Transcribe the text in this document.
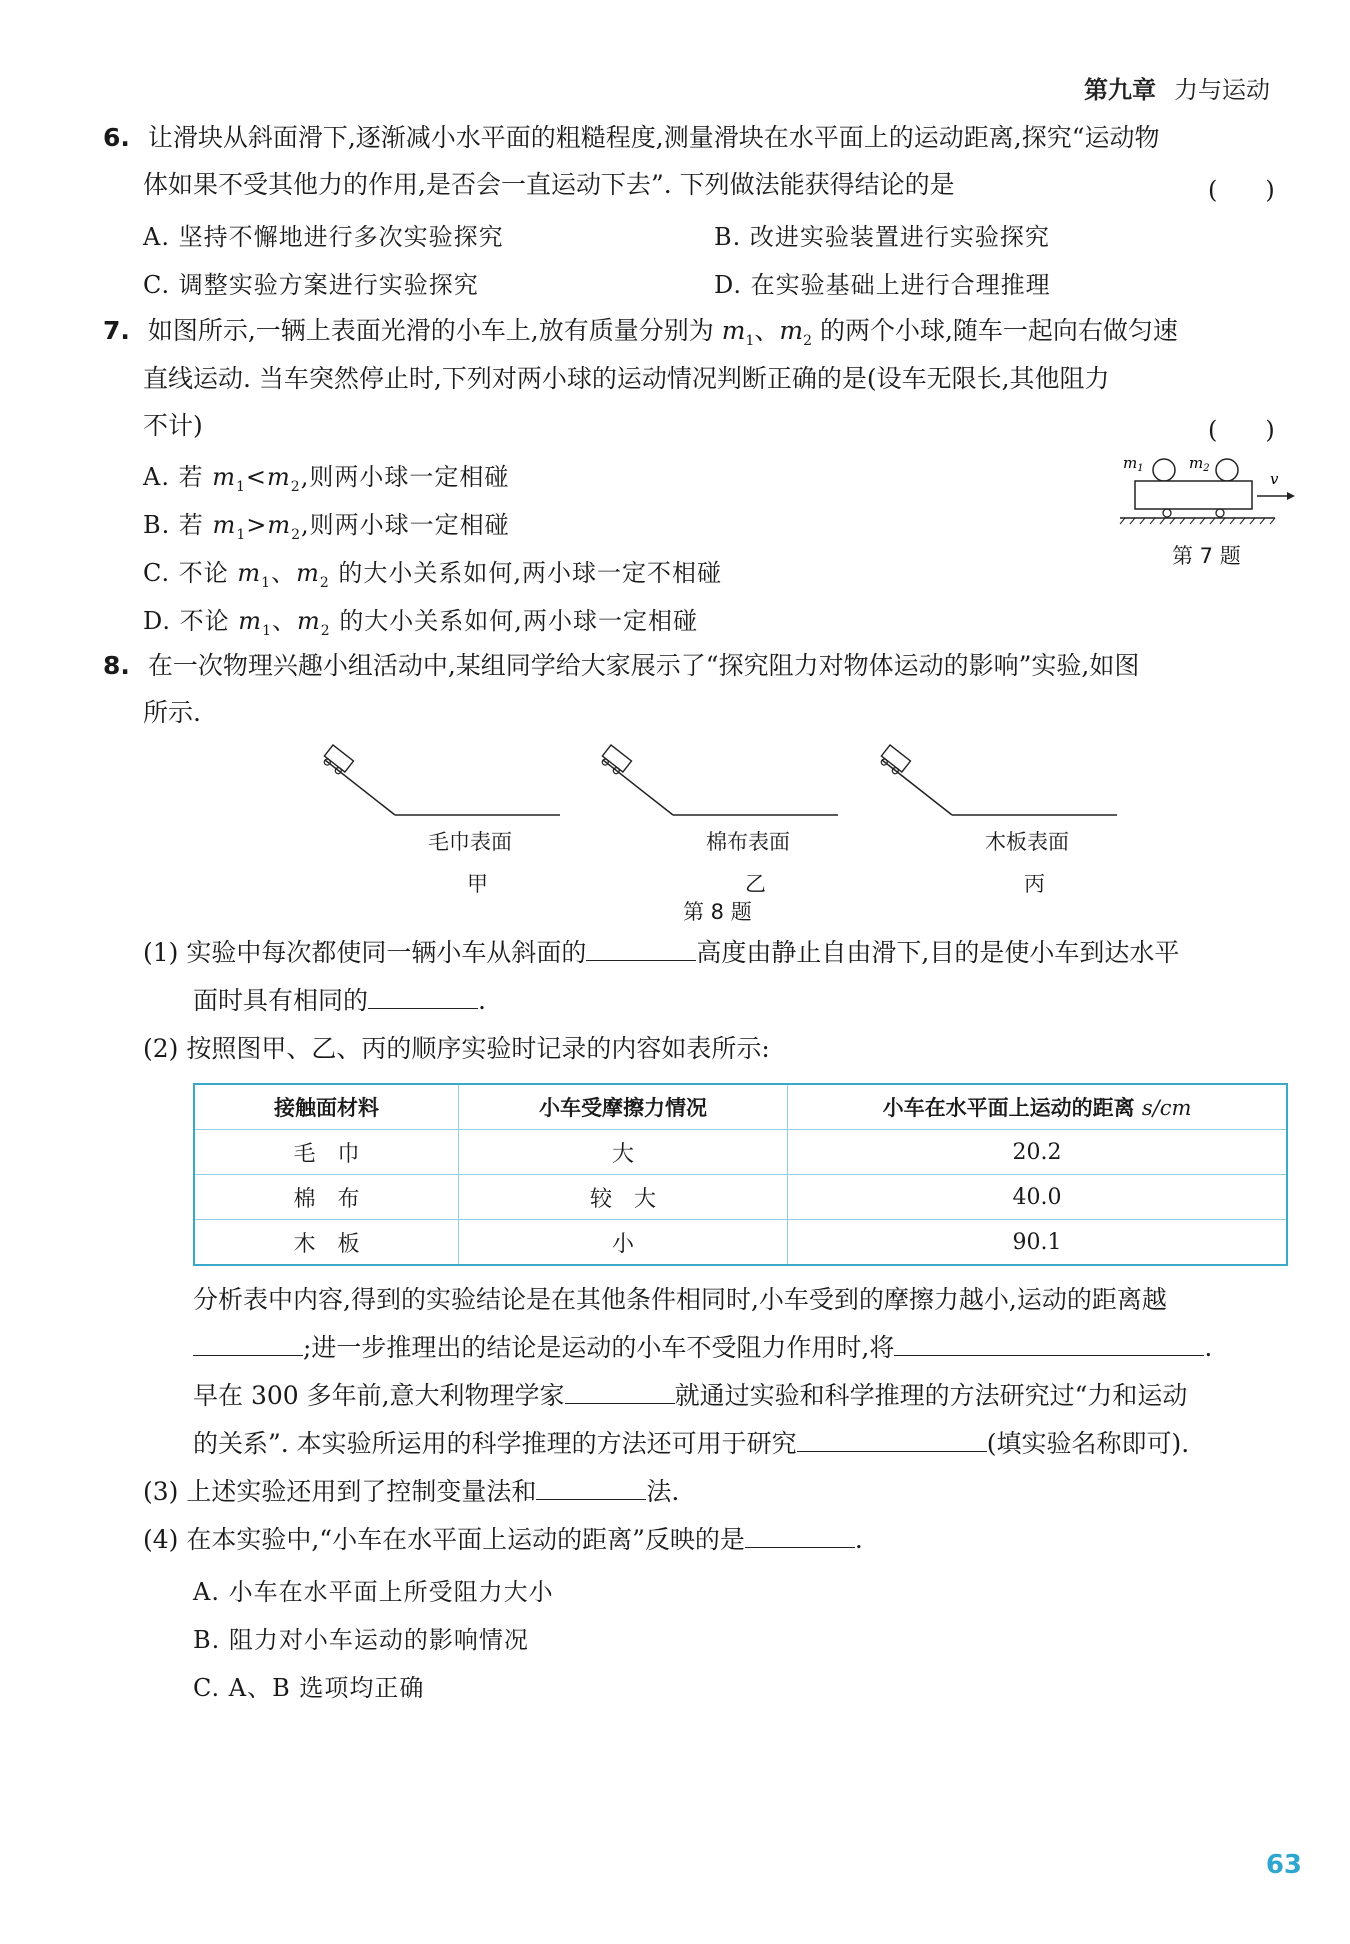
第九章 力与运动
6. 让滑块从斜面滑下,逐渐减小水平面的粗糙程度,测量滑块在水平面上的运动距离,探究“运动物
体如果不受其他力的作用,是否会一直运动下去”. 下列做法能获得结论的是	(　　)
A. 坚持不懈地进行多次实验探究	B. 改进实验装置进行实验探究
C. 调整实验方案进行实验探究	D. 在实验基础上进行合理推理
7. 如图所示,一辆上表面光滑的小车上,放有质量分别为 $m_1$、$m_2$ 的两个小球,随车一起向右做匀速
直线运动. 当车突然停止时,下列对两小球的运动情况判断正确的是(设车无限长,其他阻力
不计)	(　　)
A. 若 $m_1<m_2$,则两小球一定相碰
B. 若 $m_1>m_2$,则两小球一定相碰
C. 不论 $m_1$、$m_2$ 的大小关系如何,两小球一定不相碰
D. 不论 $m_1$、$m_2$ 的大小关系如何,两小球一定相碰
$m_1$	$m_2$
v
第 7 题
8. 在一次物理兴趣小组活动中,某组同学给大家展示了“探究阻力对物体运动的影响”实验,如图
所示.
毛巾表面	棉布表面	木板表面
甲	乙	丙
第 8 题
(1) 实验中每次都使同一辆小车从斜面的	高度由静止自由滑下,目的是使小车到达水平
面时具有相同的	.
(2) 按照图甲、乙、丙的顺序实验时记录的内容如表所示:
接触面材料	小车受摩擦力情况	小车在水平面上运动的距离 s/cm
毛　巾	大	20.2
棉　布	较　大	40.0
木　板	小	90.1
分析表中内容,得到的实验结论是在其他条件相同时,小车受到的摩擦力越小,运动的距离越
;进一步推理出的结论是运动的小车不受阻力作用时,将	.
早在 300 多年前,意大利物理学家	就通过实验和科学推理的方法研究过“力和运动
的关系”. 本实验所运用的科学推理的方法还可用于研究	(填实验名称即可).
(3) 上述实验还用到了控制变量法和	法.
(4) 在本实验中,“小车在水平面上运动的距离”反映的是	.
A. 小车在水平面上所受阻力大小
B. 阻力对小车运动的影响情况
C. A、B 选项均正确
63
